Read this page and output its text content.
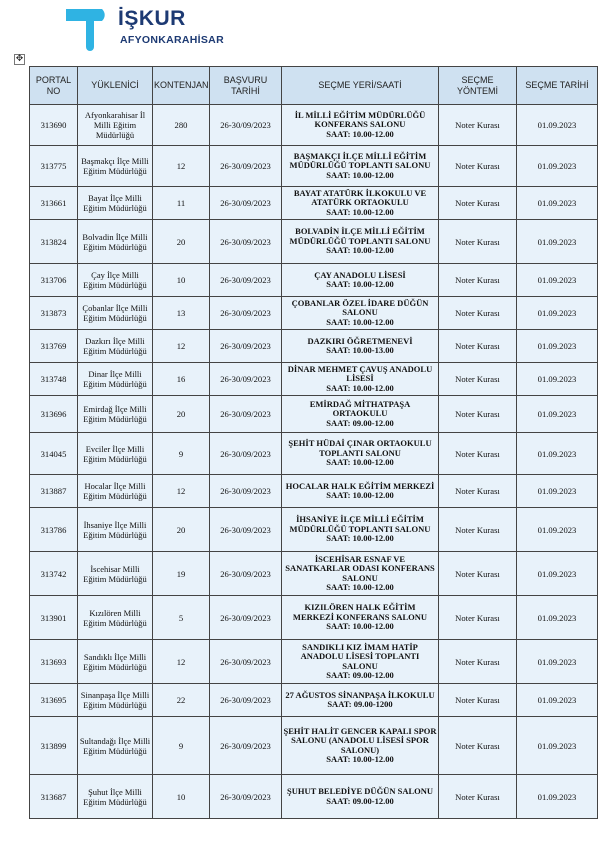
İŞKUR
AFYONKARAHİSAR
✥
PORTAL NO	YÜKLENİCİ	KONTENJAN	BAŞVURU TARİHİ	SEÇME YERİ/SAATİ	SEÇME YÖNTEMİ	SEÇME TARİHİ
313690	Afyonkarahisar İl Milli Eğitim Müdürlüğü	280	26-30/09/2023	İL MİLLİ EĞİTİM MÜDÜRLÜĞÜ KONFERANS SALONU
SAAT: 10.00-12.00	Noter Kurası	01.09.2023
313775	Başmakçı İlçe Milli Eğitim Müdürlüğü	12	26-30/09/2023	BAŞMAKÇI İLÇE MİLLİ EĞİTİM MÜDÜRLÜĞÜ TOPLANTI SALONU
SAAT: 10.00-12.00	Noter Kurası	01.09.2023
313661	Bayat İlçe Milli Eğitim Müdürlüğü	11	26-30/09/2023	BAYAT ATATÜRK İLKOKULU VE ATATÜRK ORTAOKULU
SAAT: 10.00-12.00	Noter Kurası	01.09.2023
313824	Bolvadin İlçe Milli Eğitim Müdürlüğü	20	26-30/09/2023	BOLVADİN İLÇE MİLLİ EĞİTİM MÜDÜRLÜĞÜ TOPLANTI SALONU
SAAT: 10.00-12.00	Noter Kurası	01.09.2023
313706	Çay İlçe Milli Eğitim Müdürlüğü	10	26-30/09/2023	ÇAY ANADOLU LİSESİ
SAAT: 10.00-12.00	Noter Kurası	01.09.2023
313873	Çobanlar İlçe Milli Eğitim Müdürlüğü	13	26-30/09/2023	ÇOBANLAR ÖZEL İDARE DÜĞÜN SALONU
SAAT: 10.00-12.00	Noter Kurası	01.09.2023
313769	Dazkırı İlçe Milli Eğitim Müdürlüğü	12	26-30/09/2023	DAZKIRI ÖĞRETMENEVİ
SAAT: 10.00-13.00	Noter Kurası	01.09.2023
313748	Dinar İlçe Milli Eğitim Müdürlüğü	16	26-30/09/2023	DİNAR MEHMET ÇAVUŞ ANADOLU LİSESİ
SAAT: 10.00-12.00	Noter Kurası	01.09.2023
313696	Emirdağ İlçe Milli Eğitim Müdürlüğü	20	26-30/09/2023	EMİRDAĞ MİTHATPAŞA ORTAOKULU
SAAT: 09.00-12.00	Noter Kurası	01.09.2023
314045	Evciler İlçe Milli Eğitim Müdürlüğü	9	26-30/09/2023	ŞEHİT HÜDAİ ÇINAR ORTAOKULU TOPLANTI SALONU
SAAT: 10.00-12.00	Noter Kurası	01.09.2023
313887	Hocalar İlçe Milli Eğitim Müdürlüğü	12	26-30/09/2023	HOCALAR HALK EĞİTİM MERKEZİ
SAAT: 10.00-12.00	Noter Kurası	01.09.2023
313786	İhsaniye İlçe Milli Eğitim Müdürlüğü	20	26-30/09/2023	İHSANİYE İLÇE MİLLİ EĞİTİM MÜDÜRLÜĞÜ TOPLANTI SALONU
SAAT: 10.00-12.00	Noter Kurası	01.09.2023
313742	İscehisar Milli Eğitim Müdürlüğü	19	26-30/09/2023	İSCEHİSAR ESNAF VE SANATKARLAR ODASI KONFERANS SALONU
SAAT: 10.00-12.00	Noter Kurası	01.09.2023
313901	Kızılören Milli Eğitim Müdürlüğü	5	26-30/09/2023	KIZILÖREN HALK EĞİTİM MERKEZİ KONFERANS SALONU
SAAT: 10.00-12.00	Noter Kurası	01.09.2023
313693	Sandıklı İlçe Milli Eğitim Müdürlüğü	12	26-30/09/2023	SANDIKLI KIZ İMAM HATİP ANADOLU LİSESİ TOPLANTI SALONU
SAAT: 09.00-12.00	Noter Kurası	01.09.2023
313695	Sinanpaşa İlçe Milli Eğitim Müdürlüğü	22	26-30/09/2023	27 AĞUSTOS SİNANPAŞA İLKOKULU
SAAT: 09.00-1200	Noter Kurası	01.09.2023
313899	Sultandağı İlçe Milli Eğitim Müdürlüğü	9	26-30/09/2023	ŞEHİT HALİT GENCER KAPALI SPOR SALONU (ANADOLU LİSESİ SPOR SALONU)
SAAT: 10.00-12.00	Noter Kurası	01.09.2023
313687	Şuhut İlçe Milli Eğitim Müdürlüğü	10	26-30/09/2023	ŞUHUT BELEDİYE DÜĞÜN SALONU
SAAT: 09.00-12.00	Noter Kurası	01.09.2023
